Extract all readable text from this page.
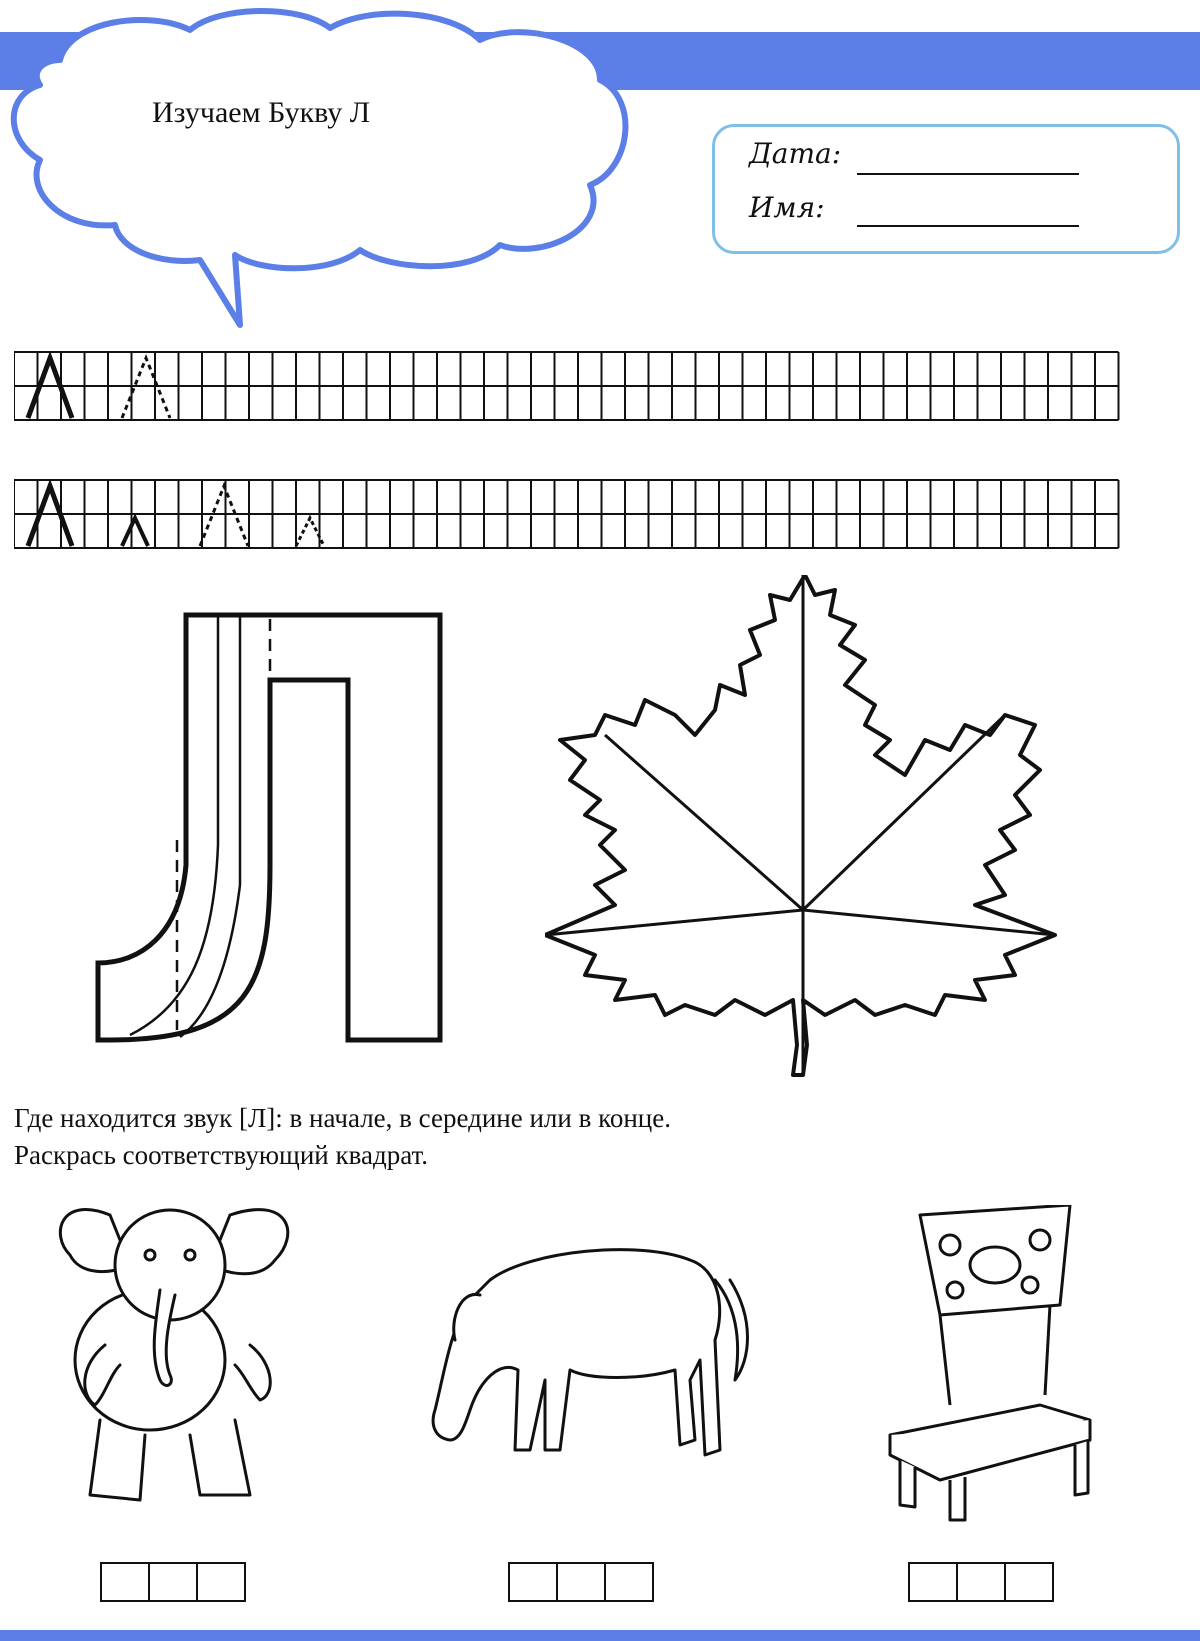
Изучаем Букву Л
Дата:
Имя:
Где находится звук [Л]: в начале, в середине или в конце.
Раскрась соответствующий квадрат.
